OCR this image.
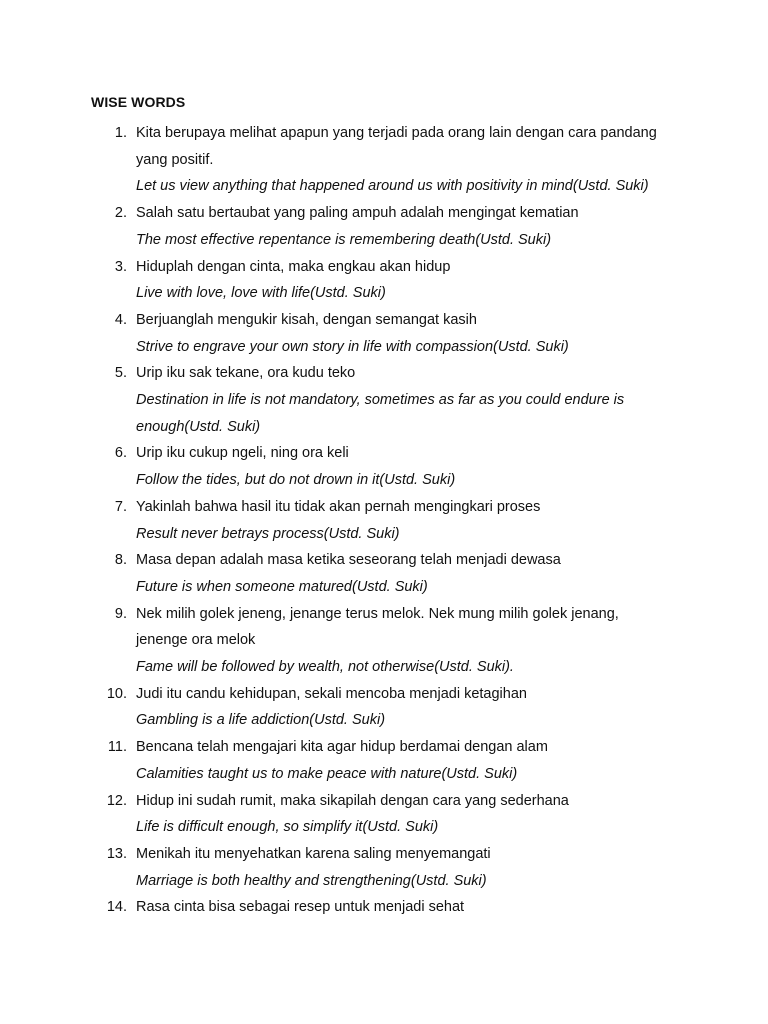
WISE WORDS
1. Kita berupaya melihat apapun yang terjadi pada orang lain dengan cara pandang
yang positif.
Let us view anything that happened around us with positivity in mind(Ustd. Suki)
2. Salah satu bertaubat yang paling ampuh adalah mengingat kematian
The most effective repentance is remembering death(Ustd. Suki)
3. Hiduplah dengan cinta, maka engkau akan hidup
Live with love, love with life(Ustd. Suki)
4. Berjuanglah mengukir kisah, dengan semangat kasih
Strive to engrave your own story in life with compassion(Ustd. Suki)
5. Urip iku sak tekane, ora kudu teko
Destination in life is not mandatory, sometimes as far as you could endure is
enough(Ustd. Suki)
6. Urip iku cukup ngeli, ning ora keli
Follow the tides, but do not drown in it(Ustd. Suki)
7. Yakinlah bahwa hasil itu tidak akan pernah mengingkari proses
Result never betrays process(Ustd. Suki)
8. Masa depan adalah masa ketika seseorang telah menjadi dewasa
Future is when someone matured(Ustd. Suki)
9. Nek milih golek jeneng, jenange terus melok. Nek mung milih golek jenang,
jenenge ora melok
Fame will be followed by wealth, not otherwise(Ustd. Suki).
10. Judi itu candu kehidupan, sekali mencoba menjadi ketagihan
Gambling is a life addiction(Ustd. Suki)
11. Bencana telah mengajari kita agar hidup berdamai dengan alam
Calamities taught us to make peace with nature(Ustd. Suki)
12. Hidup ini sudah rumit, maka sikapilah dengan cara yang sederhana
Life is difficult enough, so simplify it(Ustd. Suki)
13. Menikah itu menyehatkan karena saling menyemangati
Marriage is both healthy and strengthening(Ustd. Suki)
14. Rasa cinta bisa sebagai resep untuk menjadi sehat
